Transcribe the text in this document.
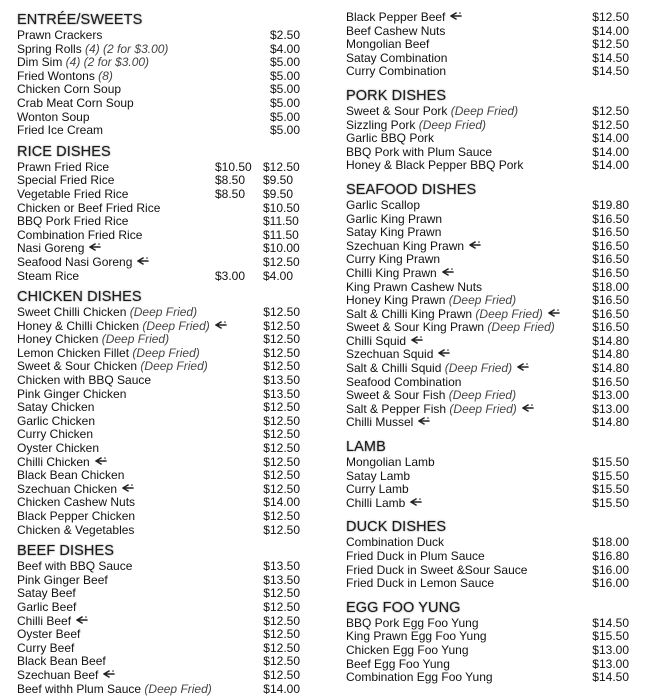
ENTRÉE/SWEETS
Prawn Crackers	$2.50
Spring Rolls (4) (2 for $3.00)	$4.00
Dim Sim (4) (2 for $3.00)	$5.00
Fried Wontons (8)	$5.00
Chicken Corn Soup	$5.00
Crab Meat Corn Soup	$5.00
Wonton Soup	$5.00
Fried Ice Cream	$5.00
RICE DISHES
Prawn Fried Rice	$10.50 $12.50
Special Fried Rice	$8.50 $9.50
Vegetable Fried Rice	$8.50 $9.50
Chicken or Beef Fried Rice	$10.50
BBQ Pork Fried Rice	$11.50
Combination Fried Rice	$11.50
Nasi Goreng	$10.00
Seafood Nasi Goreng	$12.50
Steam Rice	$3.00 $4.00
CHICKEN DISHES
Sweet Chilli Chicken (Deep Fried)	$12.50
Honey & Chilli Chicken (Deep Fried)	$12.50
Honey Chicken (Deep Fried)	$12.50
Lemon Chicken Fillet (Deep Fried)	$12.50
Sweet & Sour Chicken (Deep Fried)	$12.50
Chicken with BBQ Sauce	$13.50
Pink Ginger Chicken	$13.50
Satay Chicken	$12.50
Garlic Chicken	$12.50
Curry Chicken	$12.50
Oyster Chicken	$12.50
Chilli Chicken	$12.50
Black Bean Chicken	$12.50
Szechuan Chicken	$12.50
Chicken Cashew Nuts	$14.00
Black Pepper Chicken	$12.50
Chicken & Vegetables	$12.50
BEEF DISHES
Beef with BBQ Sauce	$13.50
Pink Ginger Beef	$13.50
Satay Beef	$12.50
Garlic Beef	$12.50
Chilli Beef	$12.50
Oyster Beef	$12.50
Curry Beef	$12.50
Black Bean Beef	$12.50
Szechuan Beef	$12.50
Beef withh Plum Sauce (Deep Fried)	$14.00
Black Pepper Beef	$12.50
Beef Cashew Nuts	$14.00
Mongolian Beef	$12.50
Satay Combination	$14.50
Curry Combination	$14.50
PORK DISHES
Sweet & Sour Pork (Deep Fried)	$12.50
Sizzling Pork (Deep Fried)	$12.50
Garlic BBQ Pork	$14.00
BBQ Pork with Plum Sauce	$14.00
Honey & Black Pepper BBQ Pork	$14.00
SEAFOOD DISHES
Garlic Scallop	$19.80
Garlic King Prawn	$16.50
Satay King Prawn	$16.50
Szechuan King Prawn	$16.50
Curry King Prawn	$16.50
Chilli King Prawn	$16.50
King Prawn Cashew Nuts	$18.00
Honey King Prawn (Deep Fried)	$16.50
Salt & Chilli King Prawn (Deep Fried)	$16.50
Sweet & Sour King Prawn (Deep Fried)	$16.50
Chilli Squid	$14.80
Szechuan Squid	$14.80
Salt & Chilli Squid (Deep Fried)	$14.80
Seafood Combination	$16.50
Sweet & Sour Fish (Deep Fried)	$13.00
Salt & Pepper Fish (Deep Fried)	$13.00
Chilli Mussel	$14.80
LAMB
Mongolian Lamb	$15.50
Satay Lamb	$15.50
Curry Lamb	$15.50
Chilli Lamb	$15.50
DUCK DISHES
Combination Duck	$18.00
Fried Duck in Plum Sauce	$16.80
Fried Duck in Sweet &Sour Sauce	$16.00
Fried Duck in Lemon Sauce	$16.00
EGG FOO YUNG
BBQ Pork Egg Foo Yung	$14.50
King Prawn Egg Foo Yung	$15.50
Chicken Egg Foo Yung	$13.00
Beef Egg Foo Yung	$13.00
Combination Egg Foo Yung	$14.50
